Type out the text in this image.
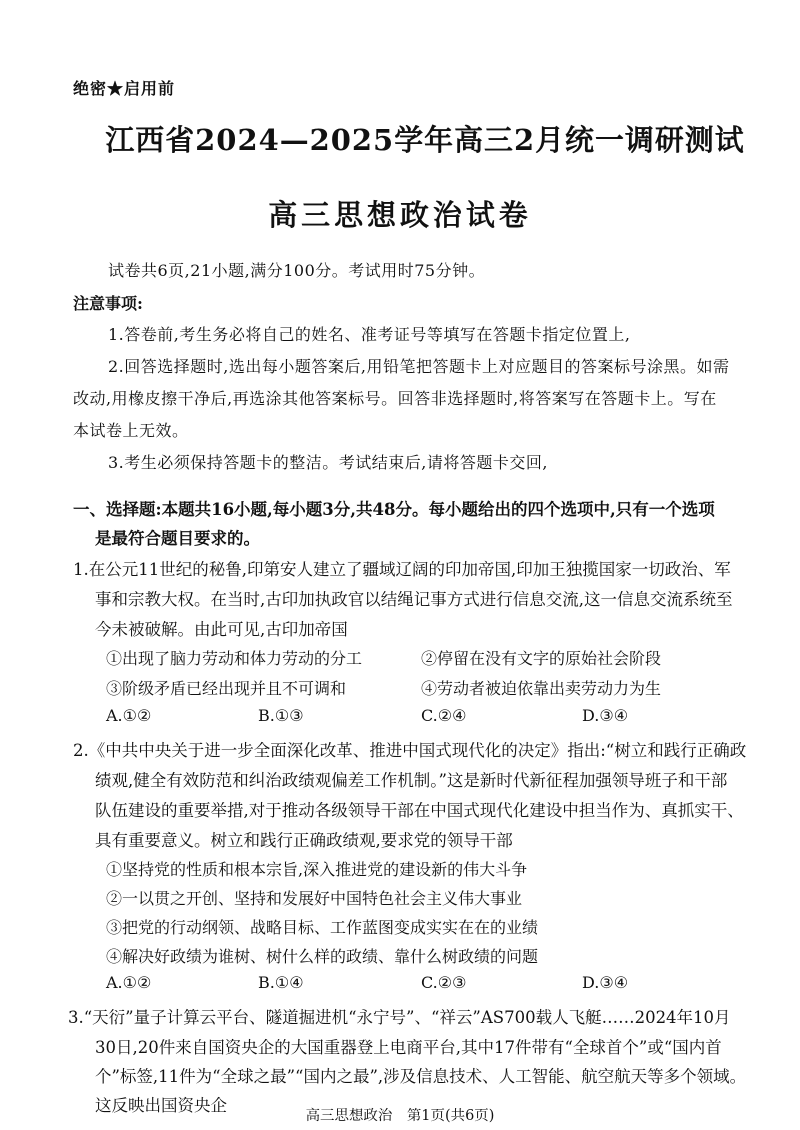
绝密★启用前
江西省2024—2025学年高三2月统一调研测试
高三思想政治试卷
试卷共6页,21小题,满分100分。考试用时75分钟。
注意事项:
1.答卷前,考生务必将自己的姓名、准考证号等填写在答题卡指定位置上,
2.回答选择题时,选出每小题答案后,用铅笔把答题卡上对应题目的答案标号涂黑。如需
改动,用橡皮擦干净后,再选涂其他答案标号。回答非选择题时,将答案写在答题卡上。写在
本试卷上无效。
3.考生必须保持答题卡的整洁。考试结束后,请将答题卡交回,
一、选择题:本题共16小题,每小题3分,共48分。每小题给出的四个选项中,只有一个选项
是最符合题目要求的。
1.在公元11世纪的秘鲁,印第安人建立了疆域辽阔的印加帝国,印加王独揽国家一切政治、军
事和宗教大权。在当时,古印加执政官以结绳记事方式进行信息交流,这一信息交流系统至
今未被破解。由此可见,古印加帝国
①出现了脑力劳动和体力劳动的分工	②停留在没有文字的原始社会阶段
③阶级矛盾已经出现并且不可调和	④劳动者被迫依靠出卖劳动力为生
A.①②	B.①③	C.②④	D.③④
2.《中共中央关于进一步全面深化改革、推进中国式现代化的决定》指出:“树立和践行正确政
绩观,健全有效防范和纠治政绩观偏差工作机制。”这是新时代新征程加强领导班子和干部
队伍建设的重要举措,对于推动各级领导干部在中国式现代化建设中担当作为、真抓实干、
具有重要意义。树立和践行正确政绩观,要求党的领导干部
①坚持党的性质和根本宗旨,深入推进党的建设新的伟大斗争
②一以贯之开创、坚持和发展好中国特色社会主义伟大事业
③把党的行动纲领、战略目标、工作蓝图变成实实在在的业绩
④解决好政绩为谁树、树什么样的政绩、靠什么树政绩的问题
A.①②	B.①④	C.②③	D.③④
3.“天衍”量子计算云平台、隧道掘进机“永宁号”、“祥云”AS700载人飞艇……2024年10月
30日,20件来自国资央企的大国重器登上电商平台,其中17件带有“全球首个”或“国内首
个”标签,11件为“全球之最”“国内之最”,涉及信息技术、人工智能、航空航天等多个领域。
这反映出国资央企
高三思想政治　第1页(共6页)
